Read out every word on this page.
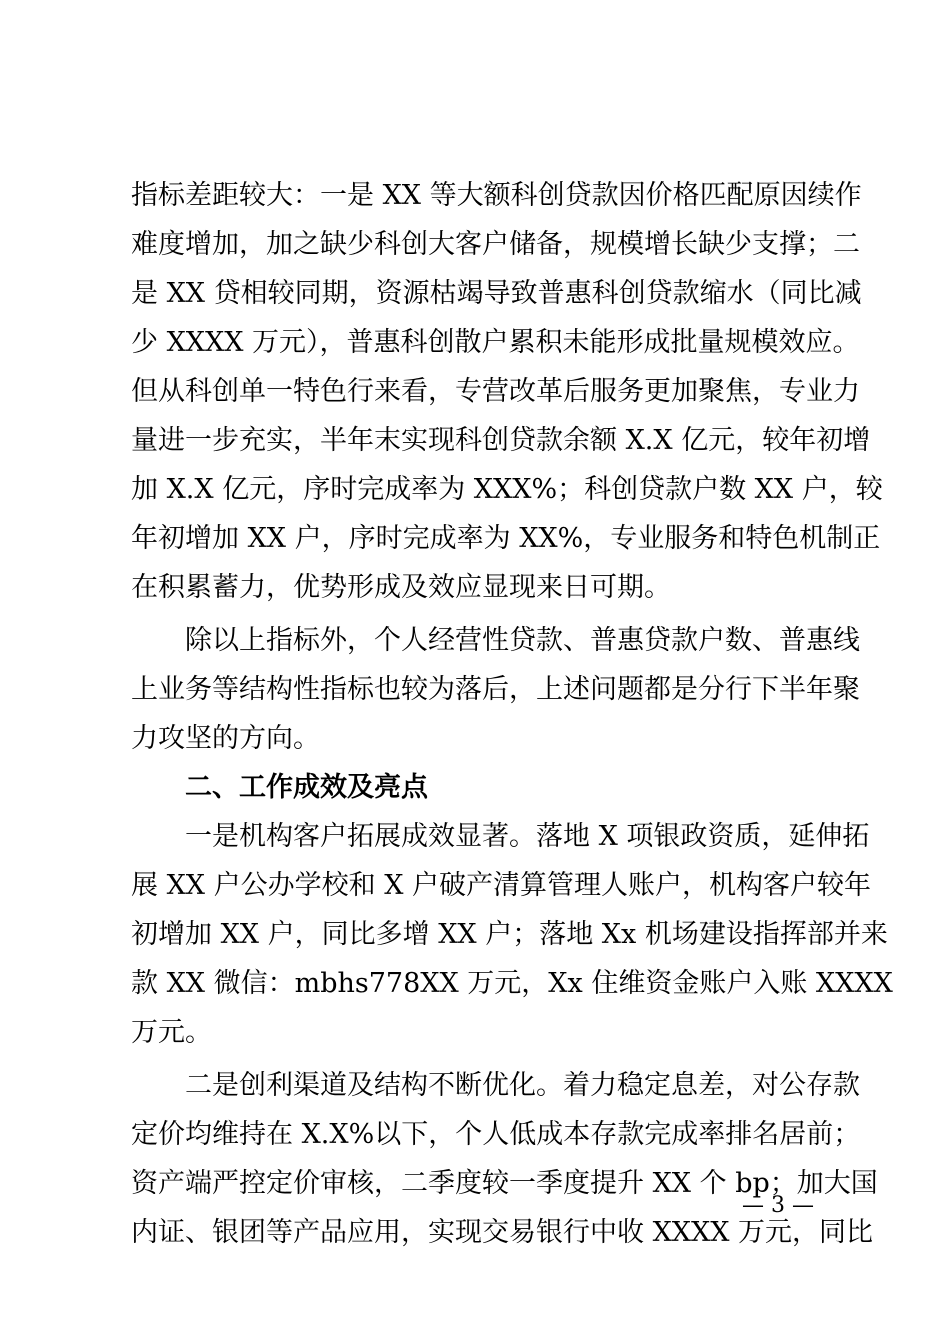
指标差距较大：一是 XX 等大额科创贷款因价格匹配原因续作
难度增加，加之缺少科创大客户储备，规模增长缺少支撑；二
是 XX 贷相较同期，资源枯竭导致普惠科创贷款缩水（同比减
少 XXXX 万元），普惠科创散户累积未能形成批量规模效应。
但从科创单一特色行来看，专营改革后服务更加聚焦，专业力
量进一步充实，半年末实现科创贷款余额 X.X 亿元，较年初增
加 X.X 亿元，序时完成率为 XXX%；科创贷款户数 XX 户，较
年初增加 XX 户，序时完成率为 XX%，专业服务和特色机制正
在积累蓄力，优势形成及效应显现来日可期。
除以上指标外，个人经营性贷款、普惠贷款户数、普惠线
上业务等结构性指标也较为落后，上述问题都是分行下半年聚
力攻坚的方向。
二、工作成效及亮点
一是机构客户拓展成效显著。落地 X 项银政资质，延伸拓
展 XX 户公办学校和 X 户破产清算管理人账户，机构客户较年
初增加 XX 户，同比多增 XX 户；落地 Xx 机场建设指挥部并来
款 XX 微信：mbhs778XX 万元，Xx 住维资金账户入账 XXXX
万元。
二是创利渠道及结构不断优化。着力稳定息差，对公存款
定价均维持在 X.X%以下，个人低成本存款完成率排名居前；
资产端严控定价审核，二季度较一季度提升 XX 个 bp；加大国
内证、银团等产品应用，实现交易银行中收 XXXX 万元，同比
— 3 —
